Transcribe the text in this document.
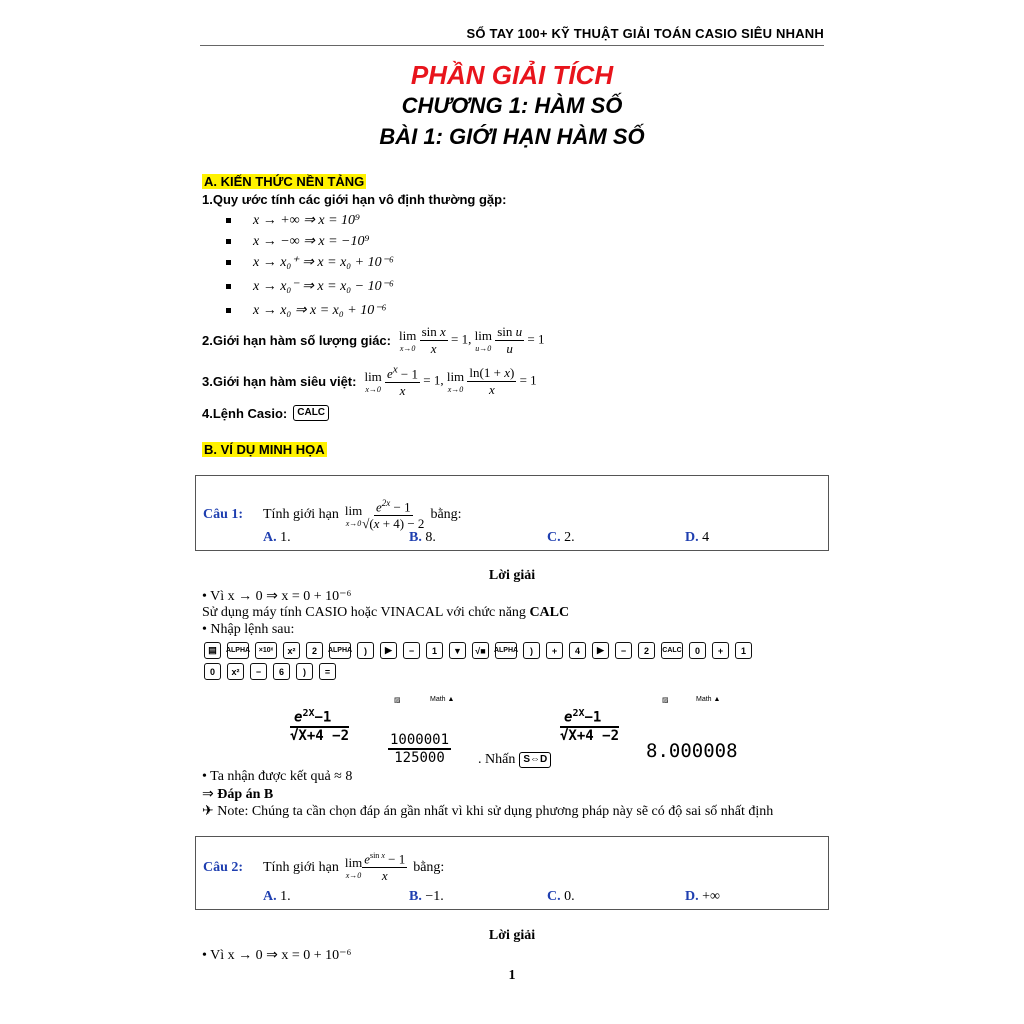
SỔ TAY 100+ KỸ THUẬT GIẢI TOÁN CASIO SIÊU NHANH
PHẦN GIẢI TÍCH
CHƯƠNG 1: HÀM SỐ
BÀI 1: GIỚI HẠN HÀM SỐ
A. KIẾN THỨC NỀN TẢNG
1.Quy ước tính các giới hạn vô định thường gặp:
x → +∞ ⇒ x = 10⁹
x → −∞ ⇒ x = −10⁹
x → x₀⁺ ⇒ x = x₀ + 10⁻⁶
x → x₀⁻ ⇒ x = x₀ − 10⁻⁶
x → x₀ ⇒ x = x₀ + 10⁻⁶
2.Giới hạn hàm số lượng giác: lim
x→0
$\frac{\text{sin x}}{x} = 1$, lim
u→0
$\frac{\text{sin u}}{u} = 1$
3.Giới hạn hàm siêu việt: lim
x→0
$\frac{e^x - 1}{x} = 1$, lim
x→0
$\frac{\ln(1 + x)}{x} = 1$
4.Lệnh Casio:	CALC
B. VÍ DỤ MINH HỌA
Câu 1:	Tính giới hạn lim
$x\to 0 \frac{e^{2x} - 1}{√(x + 4) - 2}$ bằng:
A. 1.	B. 8.	C. 2.	D. 4
Lời giải
• Vì x → 0 ⇒ x = 0 + 10⁻⁶
Sử dụng máy tính CASIO hoặc VINACAL với chức năng CALC
• Nhập lệnh sau:
▤	ALPHA	×10ˣ	x²	2	ALPHA	)	▶	−	1	▼	√■	ALPHA	)	+	4	▶	−	2	CALC	0	+	1
0	x²	−	6	)	=
▨	Math ▲
$e^{2X}-1$
√X+4 −2	$\frac{1000001}{125000}$ . Nhấn S⇔D
▨	Math ▲
$e^{2X}-1$
√X+4 −2
8.000008
• Ta nhận được kết quả ≈ 8
⇒ Đáp án B
✈ Note: Chúng ta cần chọn đáp án gần nhất vì khi sử dụng phương pháp này sẽ có độ sai số nhất định
Câu 2:	Tính giới hạn lim
$x\to 0 \frac{e^{sin x} - 1}{x}$ bằng:
A. 1.	B. −1.	C. 0.	D. +∞
Lời giải
• Vì x → 0 ⇒ x = 0 + 10⁻⁶
1
